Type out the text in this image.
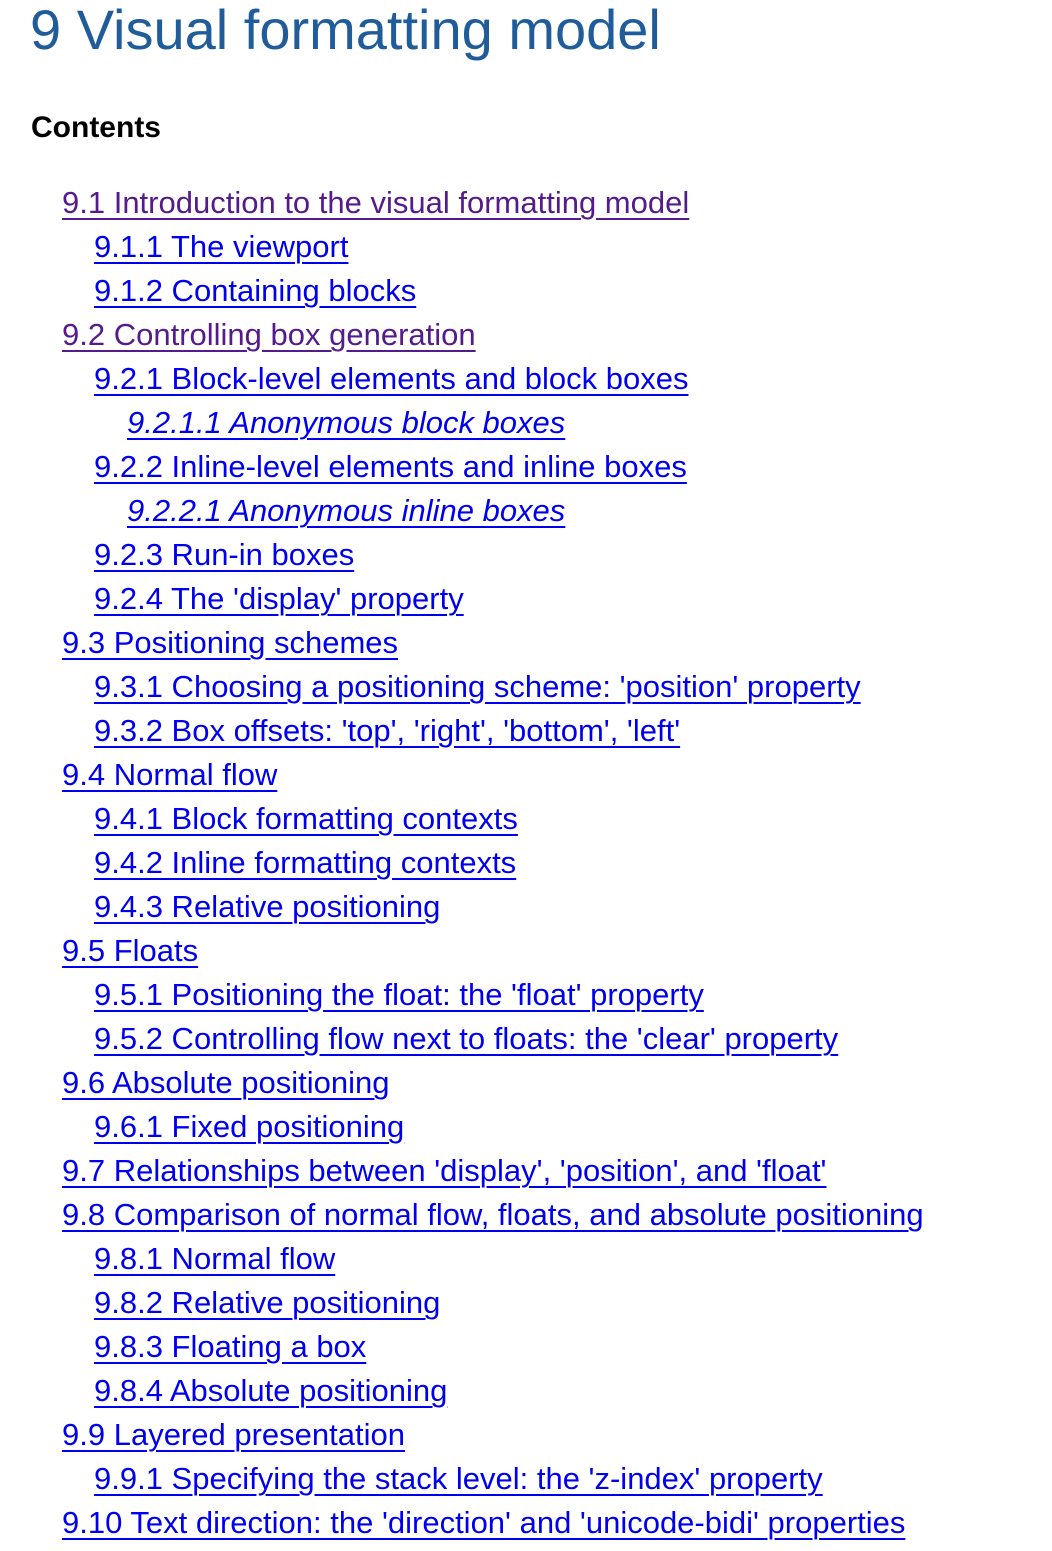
9 Visual formatting model
Contents
9.1 Introduction to the visual formatting model
9.1.1 The viewport
9.1.2 Containing blocks
9.2 Controlling box generation
9.2.1 Block-level elements and block boxes
9.2.1.1 Anonymous block boxes
9.2.2 Inline-level elements and inline boxes
9.2.2.1 Anonymous inline boxes
9.2.3 Run-in boxes
9.2.4 The 'display' property
9.3 Positioning schemes
9.3.1 Choosing a positioning scheme: 'position' property
9.3.2 Box offsets: 'top', 'right', 'bottom', 'left'
9.4 Normal flow
9.4.1 Block formatting contexts
9.4.2 Inline formatting contexts
9.4.3 Relative positioning
9.5 Floats
9.5.1 Positioning the float: the 'float' property
9.5.2 Controlling flow next to floats: the 'clear' property
9.6 Absolute positioning
9.6.1 Fixed positioning
9.7 Relationships between 'display', 'position', and 'float'
9.8 Comparison of normal flow, floats, and absolute positioning
9.8.1 Normal flow
9.8.2 Relative positioning
9.8.3 Floating a box
9.8.4 Absolute positioning
9.9 Layered presentation
9.9.1 Specifying the stack level: the 'z-index' property
9.10 Text direction: the 'direction' and 'unicode-bidi' properties
